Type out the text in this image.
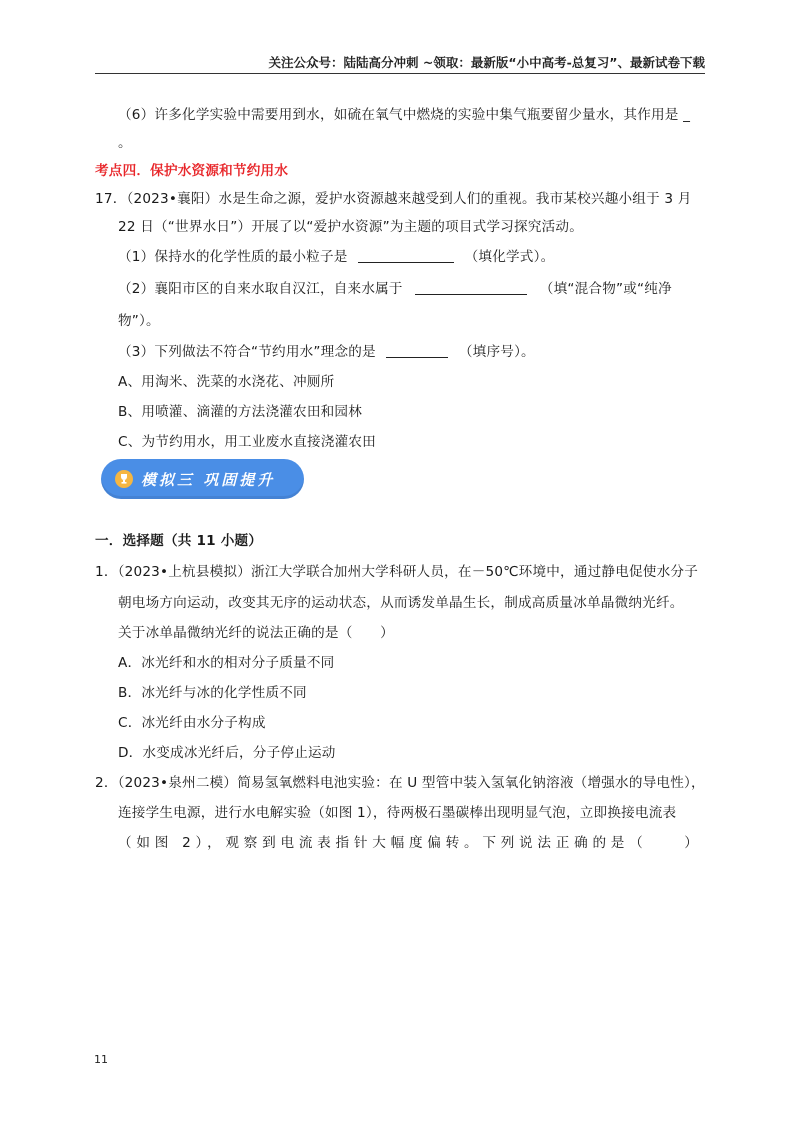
关注公众号：陆陆高分冲刺 ~领取：最新版“小中高考-总复习”、最新试卷下载
（6）许多化学实验中需要用到水，如硫在氧气中燃烧的实验中集气瓶要留少量水，其作用是 _
。
考点四．保护水资源和节约用水
17．（2023•襄阳）水是生命之源，爱护水资源越来越受到人们的重视。我市某校兴趣小组于 3 月
22 日（“世界水日”）开展了以“爱护水资源”为主题的项目式学习探究活动。
（1）保持水的化学性质的最小粒子是	（填化学式）。
（2）襄阳市区的自来水取自汉江，自来水属于	（填“混合物”或“纯净
物”）。
（3）下列做法不符合“节约用水”理念的是	（填序号）。
A、用淘米、洗菜的水浇花、冲厕所
B、用喷灌、滴灌的方法浇灌农田和园林
C、为节约用水，用工业废水直接浇灌农田
模拟三 巩固提升
一．选择题（共 11 小题）
1．（2023•上杭县模拟）浙江大学联合加州大学科研人员，在－50℃环境中，通过静电促使水分子
朝电场方向运动，改变其无序的运动状态，从而诱发单晶生长，制成高质量冰单晶微纳光纤。
关于冰单晶微纳光纤的说法正确的是（　　）
A．冰光纤和水的相对分子质量不同
B．冰光纤与冰的化学性质不同
C．冰光纤由水分子构成
D．水变成冰光纤后，分子停止运动
2．（2023•泉州二模）简易氢氧燃料电池实验：在 U 型管中装入氢氧化钠溶液（增强水的导电性），
连接学生电源，进行水电解实验（如图 1），待两极石墨碳棒出现明显气泡，立即换接电流表
（如图 2），观察到电流表指针大幅度偏转。下列说法正确的是（　　）
11
